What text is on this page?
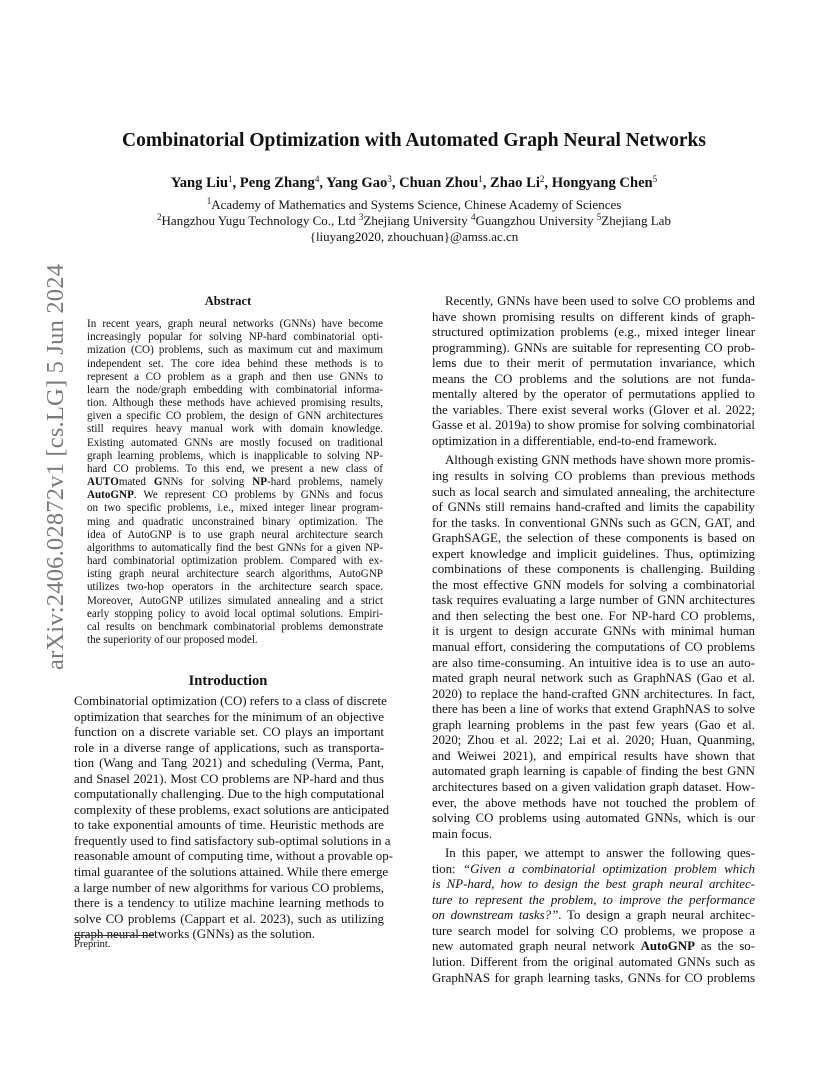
arXiv:2406.02872v1 [cs.LG] 5 Jun 2024
Combinatorial Optimization with Automated Graph Neural Networks
Yang Liu$^1$, Peng Zhang$^4$, Yang Gao$^3$, Chuan Zhou$^1$, Zhao Li$^2$, Hongyang Chen$^5$
$^1$Academy of Mathematics and Systems Science, Chinese Academy of Sciences
$^2$Hangzhou Yugu Technology Co., Ltd $^3$Zhejiang University $^4$Guangzhou University $^5$Zhejiang Lab
{liuyang2020, zhouchuan}@amss.ac.cn
Abstract
In recent years, graph neural networks (GNNs) have become
increasingly popular for solving NP-hard combinatorial opti-
mization (CO) problems, such as maximum cut and maximum
independent set. The core idea behind these methods is to
represent a CO problem as a graph and then use GNNs to
learn the node/graph embedding with combinatorial informa-
tion. Although these methods have achieved promising results,
given a specific CO problem, the design of GNN architectures
still requires heavy manual work with domain knowledge.
Existing automated GNNs are mostly focused on traditional
graph learning problems, which is inapplicable to solving NP-
hard CO problems. To this end, we present a new class of
AUTOmated GNNs for solving NP-hard problems, namely
AutoGNP. We represent CO problems by GNNs and focus
on two specific problems, i.e., mixed integer linear program-
ming and quadratic unconstrained binary optimization. The
idea of AutoGNP is to use graph neural architecture search
algorithms to automatically find the best GNNs for a given NP-
hard combinatorial optimization problem. Compared with ex-
isting graph neural architecture search algorithms, AutoGNP
utilizes two-hop operators in the architecture search space.
Moreover, AutoGNP utilizes simulated annealing and a strict
early stopping policy to avoid local optimal solutions. Empiri-
cal results on benchmark combinatorial problems demonstrate
the superiority of our proposed model.
Introduction
Combinatorial optimization (CO) refers to a class of discrete
optimization that searches for the minimum of an objective
function on a discrete variable set. CO plays an important
role in a diverse range of applications, such as transporta-
tion (Wang and Tang 2021) and scheduling (Verma, Pant,
and Snasel 2021). Most CO problems are NP-hard and thus
computationally challenging. Due to the high computational
complexity of these problems, exact solutions are anticipated
to take exponential amounts of time. Heuristic methods are
frequently used to find satisfactory sub-optimal solutions in a
reasonable amount of computing time, without a provable op-
timal guarantee of the solutions attained. While there emerge
a large number of new algorithms for various CO problems,
there is a tendency to utilize machine learning methods to
solve CO problems (Cappart et al. 2023), such as utilizing
graph neural networks (GNNs) as the solution.
Preprint.

Recently, GNNs have been used to solve CO problems and
have shown promising results on different kinds of graph-
structured optimization problems (e.g., mixed integer linear
programming). GNNs are suitable for representing CO prob-
lems due to their merit of permutation invariance, which
means the CO problems and the solutions are not funda-
mentally altered by the operator of permutations applied to
the variables. There exist several works (Glover et al. 2022;
Gasse et al. 2019a) to show promise for solving combinatorial
optimization in a differentiable, end-to-end framework.

Although existing GNN methods have shown more promis-
ing results in solving CO problems than previous methods
such as local search and simulated annealing, the architecture
of GNNs still remains hand-crafted and limits the capability
for the tasks. In conventional GNNs such as GCN, GAT, and
GraphSAGE, the selection of these components is based on
expert knowledge and implicit guidelines. Thus, optimizing
combinations of these components is challenging. Building
the most effective GNN models for solving a combinatorial
task requires evaluating a large number of GNN architectures
and then selecting the best one. For NP-hard CO problems,
it is urgent to design accurate GNNs with minimal human
manual effort, considering the computations of CO problems
are also time-consuming. An intuitive idea is to use an auto-
mated graph neural network such as GraphNAS (Gao et al.
2020) to replace the hand-crafted GNN architectures. In fact,
there has been a line of works that extend GraphNAS to solve
graph learning problems in the past few years (Gao et al.
2020; Zhou et al. 2022; Lai et al. 2020; Huan, Quanming,
and Weiwei 2021), and empirical results have shown that
automated graph learning is capable of finding the best GNN
architectures based on a given validation graph dataset. How-
ever, the above methods have not touched the problem of
solving CO problems using automated GNNs, which is our
main focus.

In this paper, we attempt to answer the following ques-
tion: “Given a combinatorial optimization problem which
is NP-hard, how to design the best graph neural architec-
ture to represent the problem, to improve the performance
on downstream tasks?”. To design a graph neural architec-
ture search model for solving CO problems, we propose a
new automated graph neural network AutoGNP as the so-
lution. Different from the original automated GNNs such as
GraphNAS for graph learning tasks, GNNs for CO problems
